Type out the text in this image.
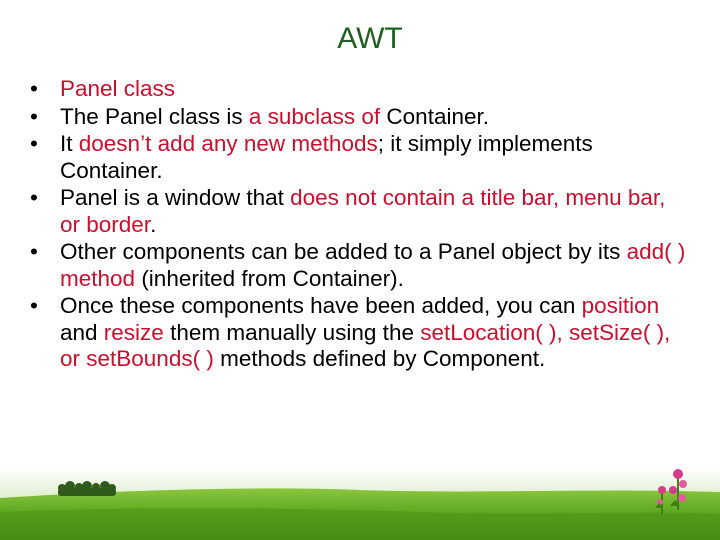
AWT
• Panel class
• The Panel class is a subclass of Container.
• It doesn’t add any new methods; it simply implements Container.
• Panel is a window that does not contain a title bar, menu bar, or border.
• Other components can be added to a Panel object by its add( ) method (inherited from Container).
• Once these components have been added, you can position and resize them manually using the setLocation( ), setSize( ), or setBounds( ) methods defined by Component.
